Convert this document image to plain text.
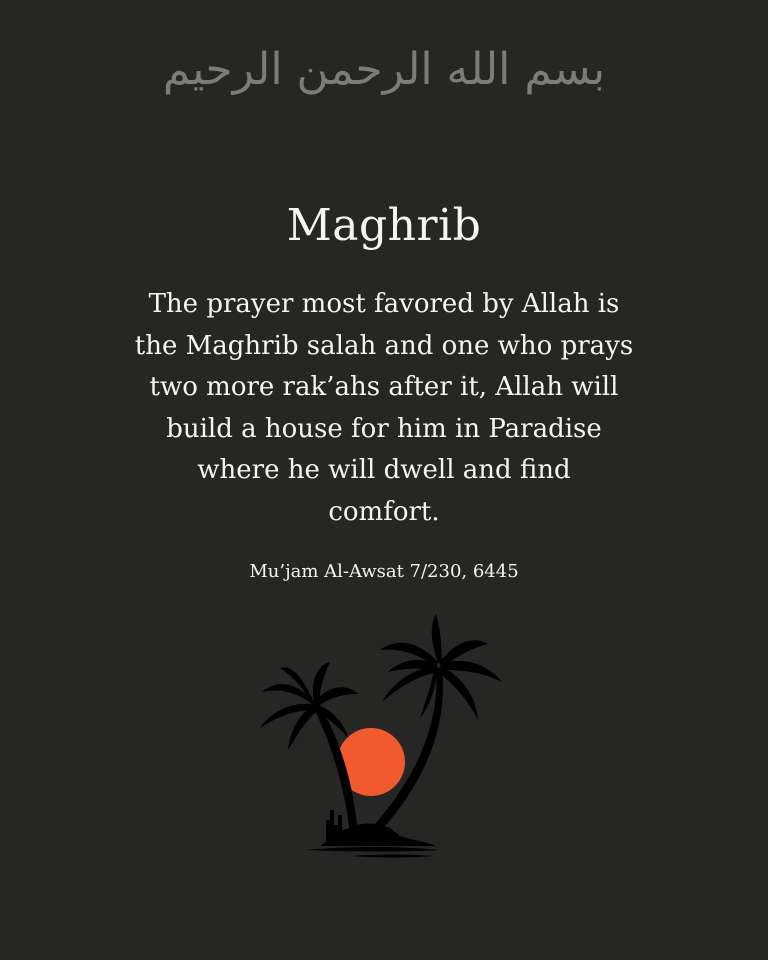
بسم الله الرحمن الرحيم
Maghrib
The prayer most favored by Allah is
the Maghrib salah and one who prays
two more rak’ahs after it, Allah will
build a house for him in Paradise
where he will dwell and find
comfort.
Mu’jam Al-Awsat 7/230, 6445
